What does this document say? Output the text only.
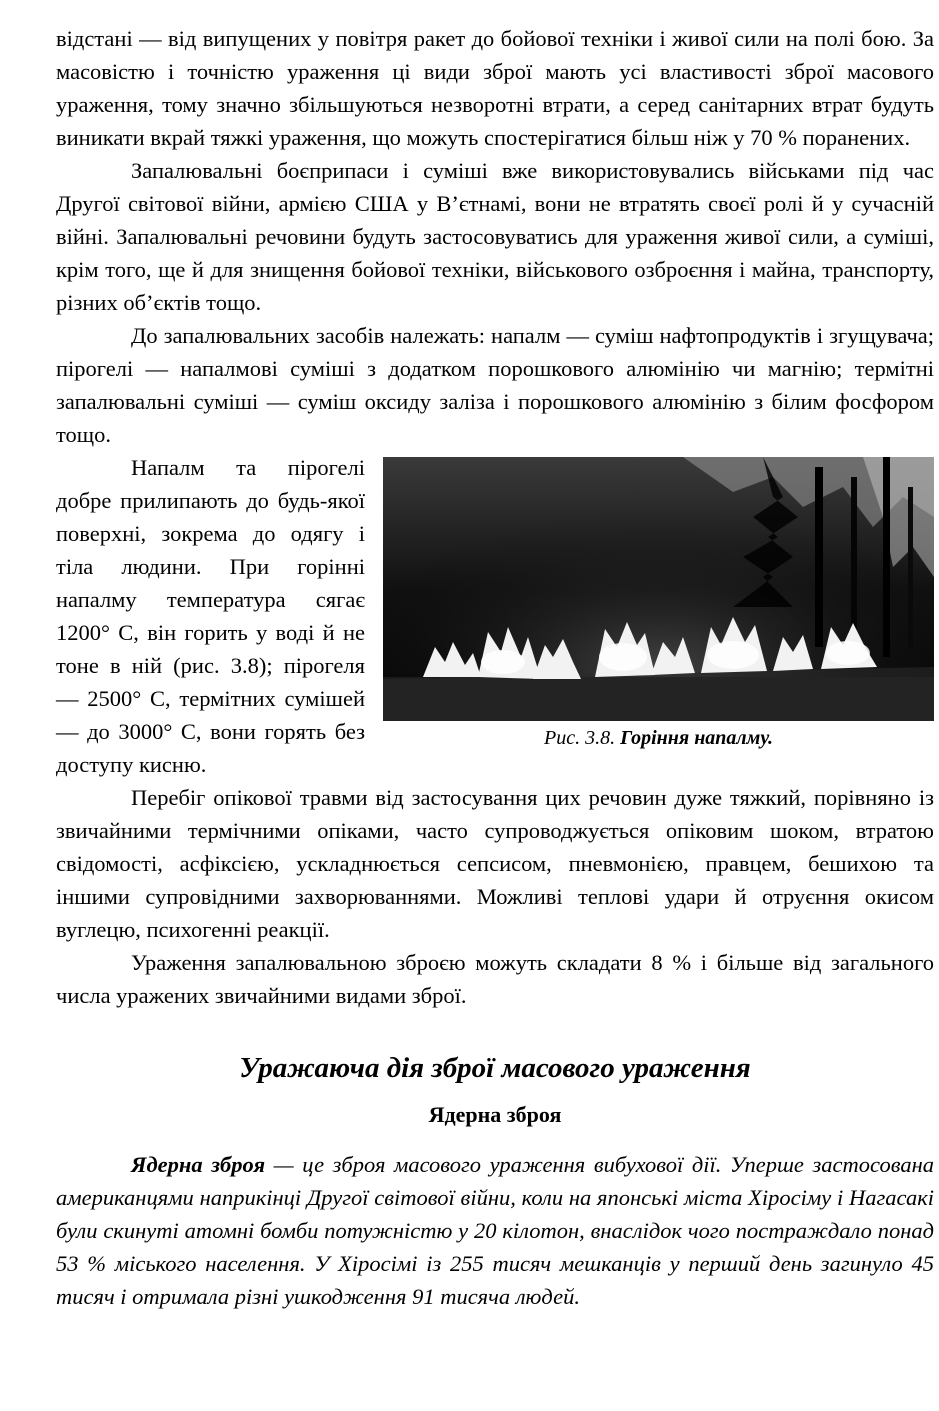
відстані — від випущених у повітря ракет до бойової техніки і живої сили на полі бою. За масовістю і точністю ураження ці види зброї мають усі властивості зброї масового ураження, тому значно збільшуються незворотні втрати, а серед санітарних втрат будуть виникати вкрай тяжкі ураження, що можуть спостерігатися більш ніж у 70 % поранених.

Запалювальні боєприпаси і суміші вже використовувались військами під час Другої світової війни, армією США у В’єтнамі, вони не втратять своєї ролі й у сучасній війні. Запалювальні речовини будуть застосовуватись для ураження живої сили, а суміші, крім того, ще й для знищення бойової техніки, військового озброєння і майна, транспорту, різних об’єктів тощо.

До запалювальних засобів належать: напалм — суміш нафтопродуктів і згущувача; пірогелі — напалмові суміші з додатком порошкового алюмінію чи магнію; термітні запалювальні суміші — суміш оксиду заліза і порошкового алюмінію з білим фосфором тощо.

Рис. 3.8. Горіння напалму.

Напалм та пірогелі добре прилипають до будь-якої поверхні, зокрема до одягу і тіла людини. При горінні напалму температура сягає 1200° С, він горить у воді й не тоне в ній (рис. 3.8); пірогеля — 2500° С, термітних сумішей — до 3000° С, вони горять без доступу кисню.

Перебіг опікової травми від застосування цих речовин дуже тяжкий, порівняно із звичайними термічними опіками, часто супроводжується опіковим шоком, втратою свідомості, асфіксією, ускладнюється сепсисом, пневмонією, правцем, бешихою та іншими супровідними захворюваннями. Можливі теплові удари й отруєння окисом вуглецю, психогенні реакції.

Ураження запалювальною зброєю можуть складати 8 % і більше від загального числа уражених звичайними видами зброї.

Уражаюча дія зброї масового ураження
Ядерна зброя

Ядерна зброя — це зброя масового ураження вибухової дії. Уперше застосована американцями наприкінці Другої світової війни, коли на японські міста Хіросіму і Нагасакі були скинуті атомні бомби потужністю у 20 кілотон, внаслідок чого постраждало понад 53 % міського населення. У Хіросімі із 255 тисяч мешканців у перший день загинуло 45 тисяч і отримала різні ушкодження 91 тисяча людей.
